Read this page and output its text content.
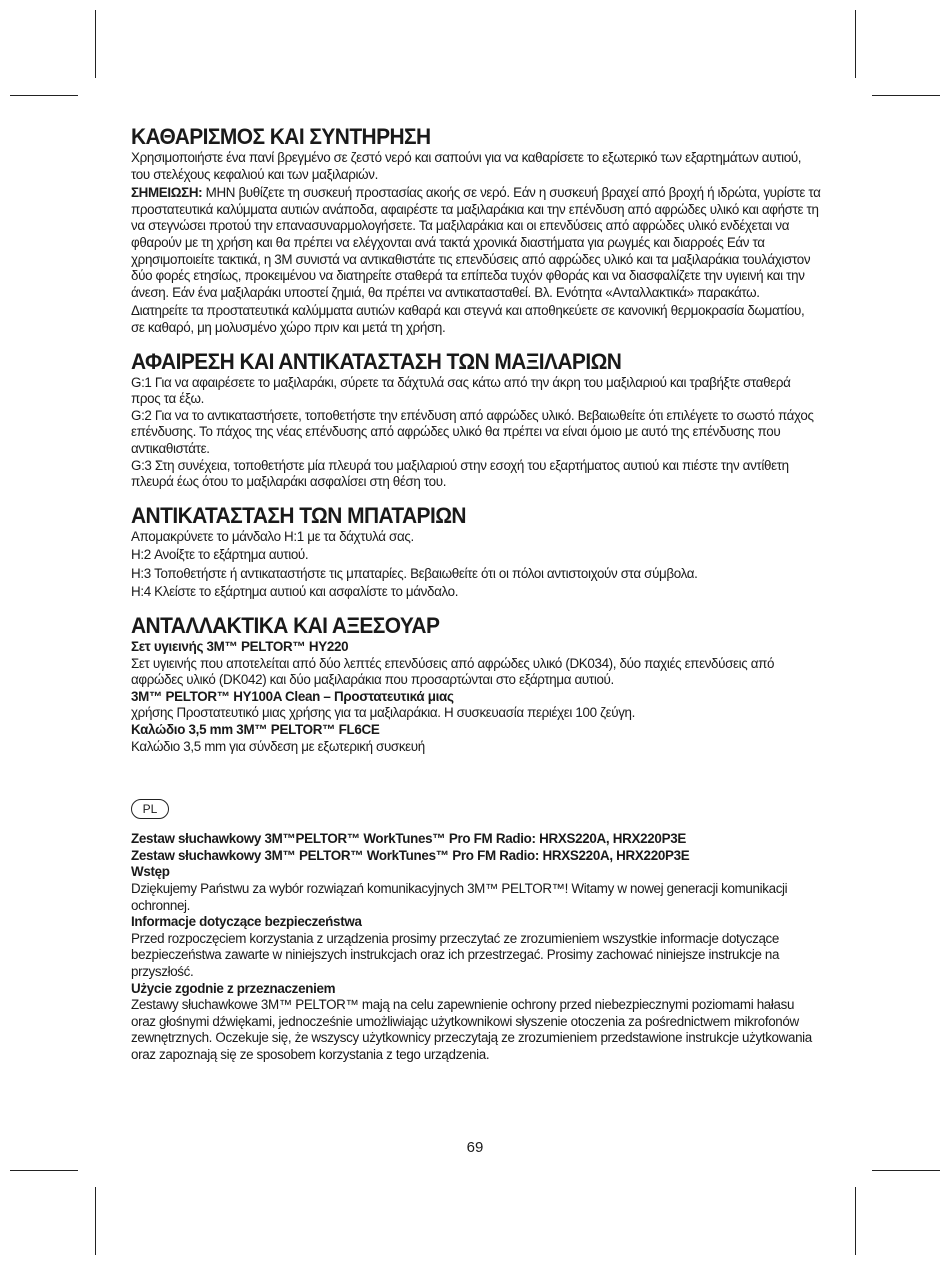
ΚΑΘΑΡΙΣΜΟΣ ΚΑΙ ΣΥΝΤΗΡΗΣΗ

Χρησιμοποιήστε ένα πανί βρεγμένο σε ζεστό νερό και σαπούνι για να καθαρίσετε το εξωτερικό των εξαρτημάτων αυτιού, του στελέχους κεφαλιού και των μαξιλαριών.

ΣΗΜΕΙΩΣΗ: ΜΗΝ βυθίζετε τη συσκευή προστασίας ακοής σε νερό. Εάν η συσκευή βραχεί από βροχή ή ιδρώτα, γυρίστε τα προστατευτικά καλύμματα αυτιών ανάποδα, αφαιρέστε τα μαξιλαράκια και την επένδυση από αφρώδες υλικό και αφήστε τη να στεγνώσει προτού την επανασυναρμολογήσετε. Τα μαξιλαράκια και οι επενδύσεις από αφρώδες υλικό ενδέχεται να φθαρούν με τη χρήση και θα πρέπει να ελέγχονται ανά τακτά χρονικά διαστήματα για ρωγμές και διαρροές Εάν τα χρησιμοποιείτε τακτικά, η 3M συνιστά να αντικαθιστάτε τις επενδύσεις από αφρώδες υλικό και τα μαξιλαράκια τουλάχιστον δύο φορές ετησίως, προκειμένου να διατηρείτε σταθερά τα επίπεδα τυχόν φθοράς και να διασφαλίζετε την υγιεινή και την άνεση. Εάν ένα μαξιλαράκι υποστεί ζημιά, θα πρέπει να αντικατασταθεί. Βλ. Ενότητα «Ανταλλακτικά» παρακάτω.

Διατηρείτε τα προστατευτικά καλύμματα αυτιών καθαρά και στεγνά και αποθηκεύετε σε κανονική θερμοκρασία δωματίου, σε καθαρό, μη μολυσμένο χώρο πριν και μετά τη χρήση.

ΑΦΑΙΡΕΣΗ ΚΑΙ ΑΝΤΙΚΑΤΑΣΤΑΣΗ ΤΩΝ ΜΑΞΙΛΑΡΙΩΝ

G:1 Για να αφαιρέσετε το μαξιλαράκι, σύρετε τα δάχτυλά σας κάτω από την άκρη του μαξιλαριού και τραβήξτε σταθερά προς τα έξω.

G:2 Για να το αντικαταστήσετε, τοποθετήστε την επένδυση από αφρώδες υλικό. Βεβαιωθείτε ότι επιλέγετε το σωστό πάχος επένδυσης. Το πάχος της νέας επένδυσης από αφρώδες υλικό θα πρέπει να είναι όμοιο με αυτό της επένδυσης που αντικαθιστάτε.

G:3 Στη συνέχεια, τοποθετήστε μία πλευρά του μαξιλαριού στην εσοχή του εξαρτήματος αυτιού και πιέστε την αντίθετη πλευρά έως ότου το μαξιλαράκι ασφαλίσει στη θέση του.

ΑΝΤΙΚΑΤΑΣΤΑΣΗ ΤΩΝ ΜΠΑΤΑΡΙΩΝ

Απομακρύνετε το μάνδαλο H:1 με τα δάχτυλά σας.

H:2 Ανοίξτε το εξάρτημα αυτιού.

H:3 Τοποθετήστε ή αντικαταστήστε τις μπαταρίες. Βεβαιωθείτε ότι οι πόλοι αντιστοιχούν στα σύμβολα.

H:4 Κλείστε το εξάρτημα αυτιού και ασφαλίστε το μάνδαλο.

ΑΝΤΑΛΛΑΚΤΙΚΑ ΚΑΙ ΑΞΕΣΟΥΑΡ

Σετ υγιεινής 3M™ PELTOR™ HY220

Σετ υγιεινής που αποτελείται από δύο λεπτές επενδύσεις από αφρώδες υλικό (DK034), δύο παχιές επενδύσεις από αφρώδες υλικό (DK042) και δύο μαξιλαράκια που προσαρτώνται στο εξάρτημα αυτιού.

3M™ PELTOR™ HY100A Clean – Προστατευτικά μιας

χρήσης Προστατευτικό μιας χρήσης για τα μαξιλαράκια. Η συσκευασία περιέχει 100 ζεύγη.

Καλώδιο 3,5 mm 3M™ PELTOR™ FL6CE

Καλώδιο 3,5 mm για σύνδεση με εξωτερική συσκευή

PL

Zestaw słuchawkowy 3M™PELTOR™ WorkTunes™ Pro FM Radio: HRXS220A, HRX220P3E

Zestaw słuchawkowy 3M™ PELTOR™ WorkTunes™ Pro FM Radio: HRXS220A, HRX220P3E

Wstęp

Dziękujemy Państwu za wybór rozwiązań komunikacyjnych 3M™ PELTOR™! Witamy w nowej generacji komunikacji ochronnej.

Informacje dotyczące bezpieczeństwa

Przed rozpoczęciem korzystania z urządzenia prosimy przeczytać ze zrozumieniem wszystkie informacje dotyczące bezpieczeństwa zawarte w niniejszych instrukcjach oraz ich przestrzegać. Prosimy zachować niniejsze instrukcje na przyszłość.

Użycie zgodnie z przeznaczeniem

Zestawy słuchawkowe 3M™ PELTOR™ mają na celu zapewnienie ochrony przed niebezpiecznymi poziomami hałasu oraz głośnymi dźwiękami, jednocześnie umożliwiając użytkownikowi słyszenie otoczenia za pośrednictwem mikrofonów zewnętrznych. Oczekuje się, że wszyscy użytkownicy przeczytają ze zrozumieniem przedstawione instrukcje użytkowania oraz zapoznają się ze sposobem korzystania z tego urządzenia.

69
